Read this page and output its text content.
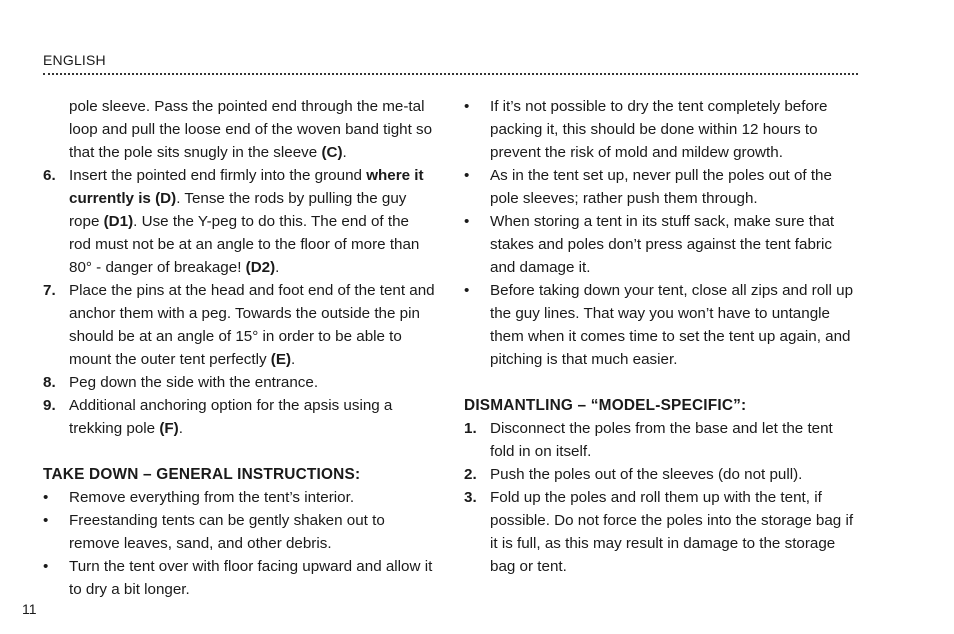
ENGLISH

pole sleeve. Pass the pointed end through the me-tal loop and pull the loose end of the woven band tight so that the pole sits snugly in the sleeve (C).

6. Insert the pointed end firmly into the ground where it currently is (D). Tense the rods by pulling the guy rope (D1). Use the Y-peg to do this. The end of the rod must not be at an angle to the floor of more than 80° - danger of breakage! (D2).
7. Place the pins at the head and foot end of the tent and anchor them with a peg. Towards the outside the pin should be at an angle of 15° in order to be able to mount the outer tent perfectly (E).
8. Peg down the side with the entrance.
9. Additional anchoring option for the apsis using a trekking pole (F).

TAKE DOWN – GENERAL INSTRUCTIONS:

•	Remove everything from the tent’s interior.
•	Freestanding tents can be gently shaken out to remove leaves, sand, and other debris.
•	Turn the tent over with floor facing upward and allow it to dry a bit longer.
•	If it’s not possible to dry the tent completely before packing it, this should be done within 12 hours to prevent the risk of mold and mildew growth.
•	As in the tent set up, never pull the poles out of the pole sleeves; rather push them through.
•	When storing a tent in its stuff sack, make sure that stakes and poles don’t press against the tent fabric and damage it.
•	Before taking down your tent, close all zips and roll up the guy lines. That way you won’t have to untangle them when it comes time to set the tent up again, and pitching is that much easier.

DISMANTLING – “MODEL-SPECIFIC”:

1. Disconnect the poles from the base and let the tent fold in on itself.
2. Push the poles out of the sleeves (do not pull).
3. Fold up the poles and roll them up with the tent, if possible. Do not force the poles into the storage bag if it is full, as this may result in damage to the storage bag or tent.
11
